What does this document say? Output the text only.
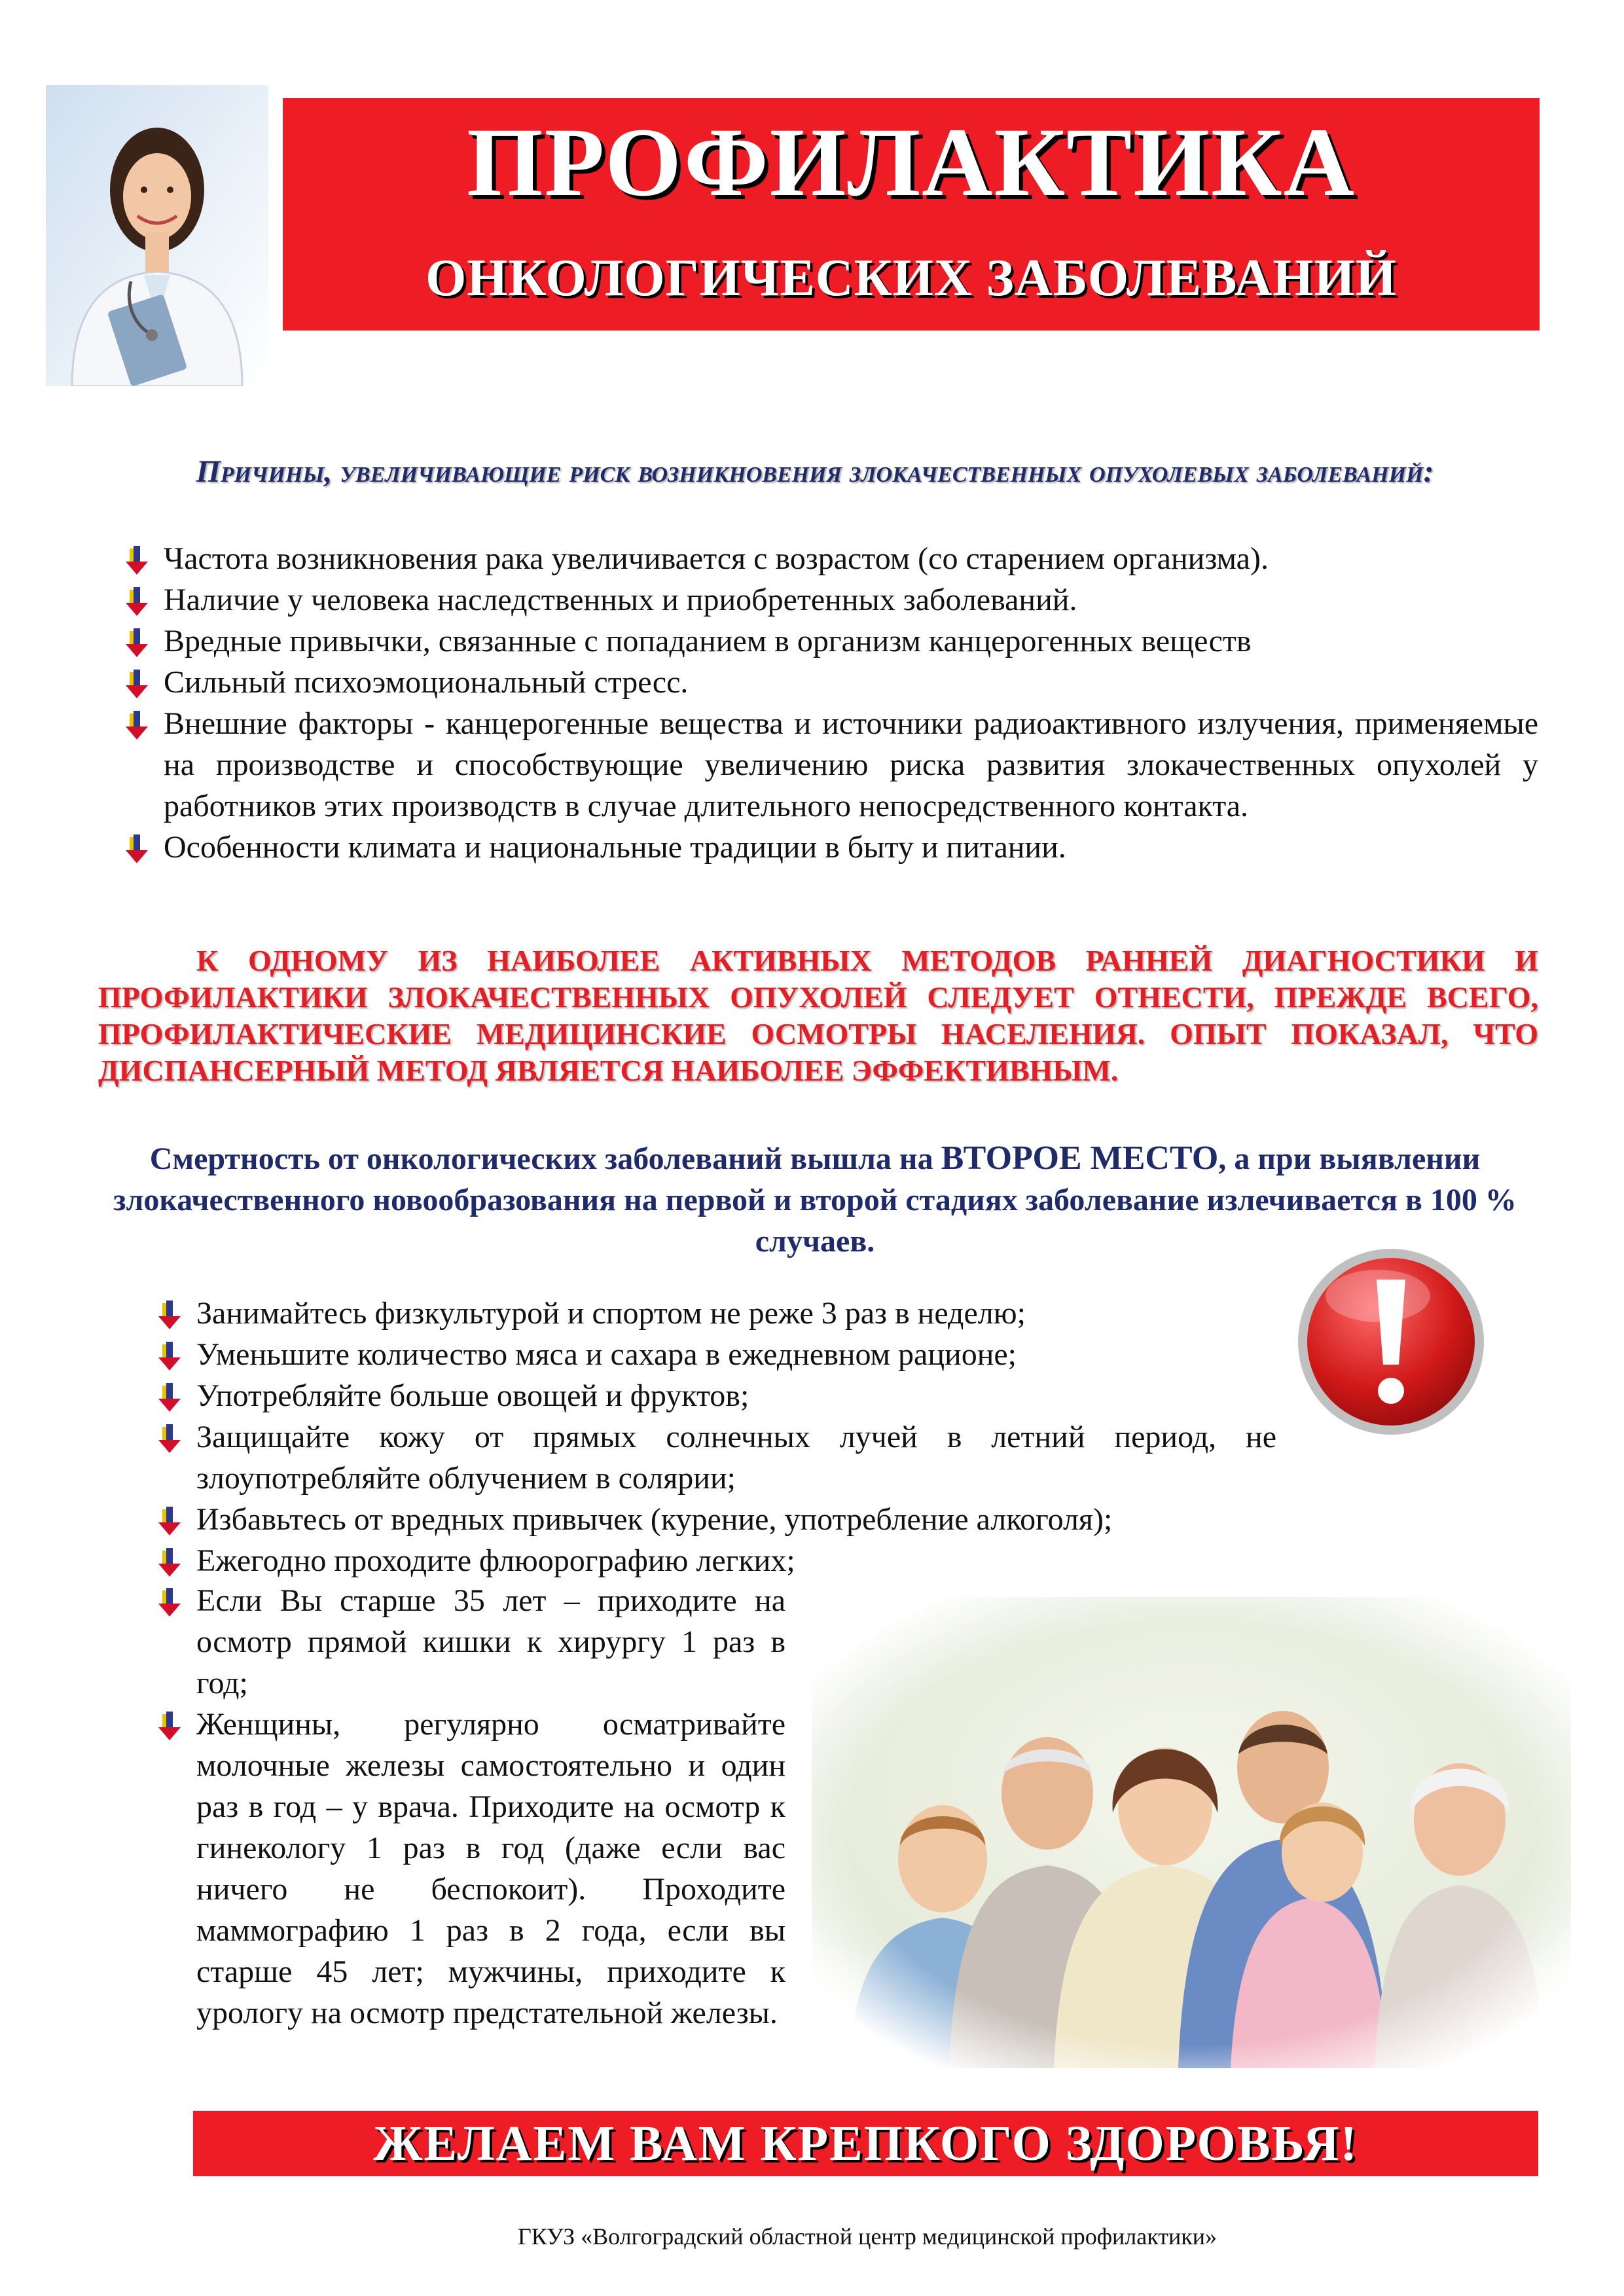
ПРОФИЛАКТИКА
ОНКОЛОГИЧЕСКИХ ЗАБОЛЕВАНИЙ
Причины, увеличивающие риск возникновения злокачественных опухолевых заболеваний:
Частота возникновения рака увеличивается с возрастом (со старением организма).
Наличие у человека наследственных и приобретенных заболеваний.
Вредные привычки, связанные с попаданием в организм канцерогенных веществ
Сильный психоэмоциональный стресс.
Внешние факторы - канцерогенные вещества и источники радиоактивного излучения, применяемые на производстве и способствующие увеличению риска развития злокачественных опухолей у работников этих производств в случае длительного непосредственного контакта.
Особенности климата и национальные традиции в быту и питании.
К ОДНОМУ ИЗ НАИБОЛЕЕ АКТИВНЫХ МЕТОДОВ РАННЕЙ ДИАГНОСТИКИ И ПРОФИЛАКТИКИ ЗЛОКАЧЕСТВЕННЫХ ОПУХОЛЕЙ СЛЕДУЕТ ОТНЕСТИ, ПРЕЖДЕ ВСЕГО, ПРОФИЛАКТИЧЕСКИЕ МЕДИЦИНСКИЕ ОСМОТРЫ НАСЕЛЕНИЯ. ОПЫТ ПОКАЗАЛ, ЧТО ДИСПАНСЕРНЫЙ МЕТОД ЯВЛЯЕТСЯ НАИБОЛЕЕ ЭФФЕКТИВНЫМ.
Смертность от онкологических заболеваний вышла на ВТОРОЕ МЕСТО, а при выявлении злокачественного новообразования на первой и второй стадиях заболевание излечивается в 100 % случаев.
Занимайтесь физкультурой и спортом не реже 3 раз в неделю;
Уменьшите количество мяса и сахара в ежедневном рационе;
Употребляйте больше овощей и фруктов;
Защищайте кожу от прямых солнечных лучей в летний период, не злоупотребляйте облучением в солярии;
Избавьтесь от вредных привычек (курение, употребление алкоголя);
Ежегодно проходите флюорографию легких;
Если Вы старше 35 лет – приходите на осмотр прямой кишки к хирургу 1 раз в год;
Женщины, регулярно осматривайте молочные железы самостоятельно и один раз в год – у врача. Приходите на осмотр к гинекологу 1 раз в год (даже если вас ничего не беспокоит). Проходите маммографию 1 раз в 2 года, если вы старше 45 лет; мужчины, приходите к урологу на осмотр предстательной железы.
ЖЕЛАЕМ ВАМ КРЕПКОГО ЗДОРОВЬЯ!
ГКУЗ «Волгоградский областной центр медицинской профилактики»
